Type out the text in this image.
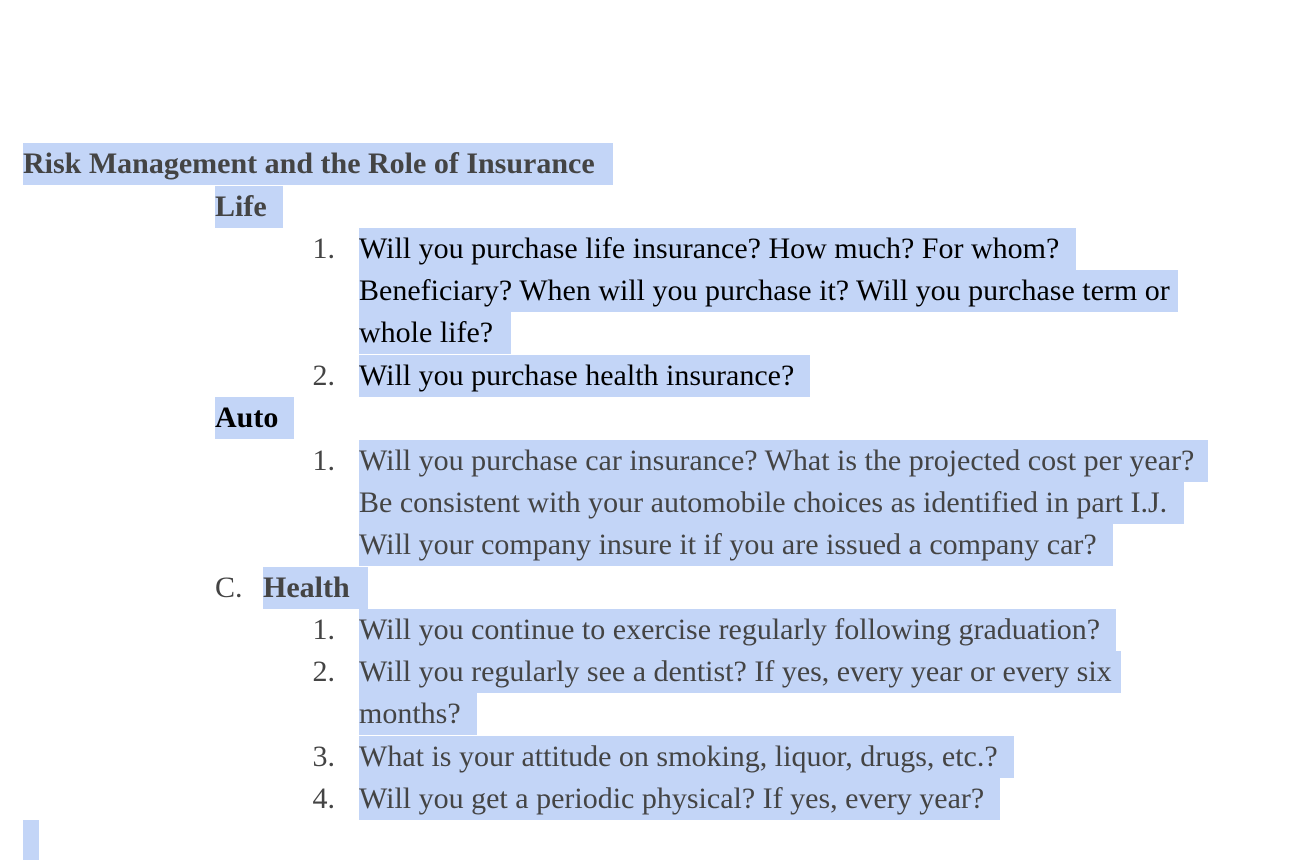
Risk Management and the Role of Insurance
Life
1. Will you purchase life insurance? How much? For whom?
Beneficiary? When will you purchase it? Will you purchase term or
whole life?
2. Will you purchase health insurance?
Auto
1. Will you purchase car insurance? What is the projected cost per year?
Be consistent with your automobile choices as identified in part I.J.
Will your company insure it if you are issued a company car?
C. Health
1. Will you continue to exercise regularly following graduation?
2. Will you regularly see a dentist? If yes, every year or every six
months?
3. What is your attitude on smoking, liquor, drugs, etc.?
4. Will you get a periodic physical? If yes, every year?
